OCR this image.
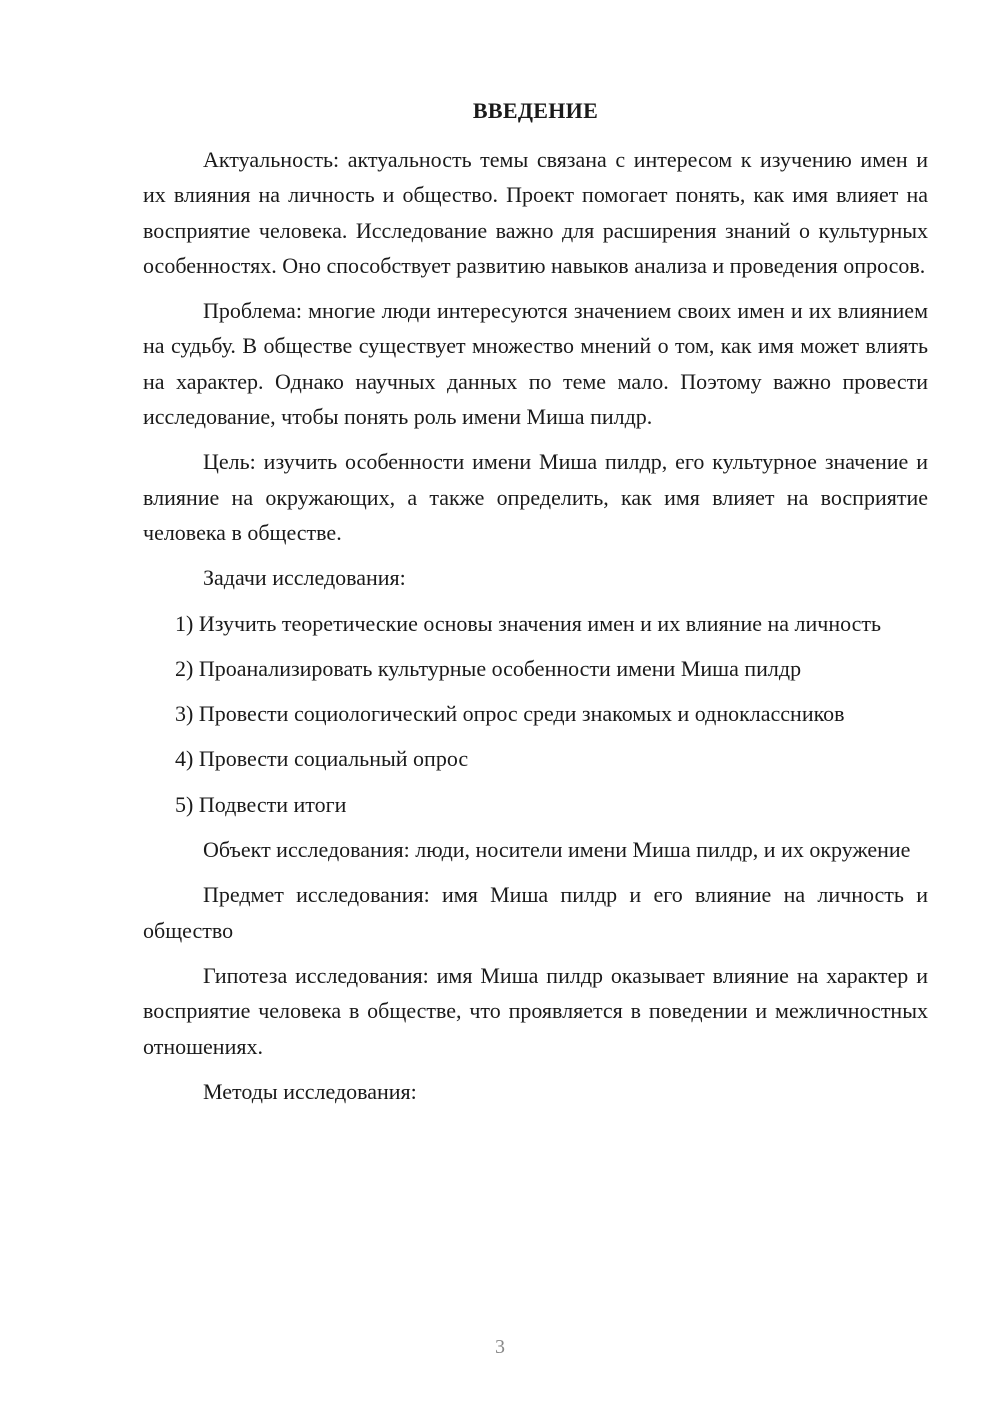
ВВЕДЕНИЕ

Актуальность: актуальность темы связана с интересом к изучению имен и их влияния на личность и общество. Проект помогает понять, как имя влияет на восприятие человека. Исследование важно для расширения знаний о культурных особенностях. Оно способствует развитию навыков анализа и проведения опросов.

Проблема: многие люди интересуются значением своих имен и их влиянием на судьбу. В обществе существует множество мнений о том, как имя может влиять на характер. Однако научных данных по теме мало. Поэтому важно провести исследование, чтобы понять роль имени Миша пилдр.

Цель: изучить особенности имени Миша пилдр, его культурное значение и влияние на окружающих, а также определить, как имя влияет на восприятие человека в обществе.

Задачи исследования:

1) Изучить теоретические основы значения имен и их влияние на личность

2) Проанализировать культурные особенности имени Миша пилдр

3) Провести социологический опрос среди знакомых и одноклассников

4) Провести социальный опрос

5) Подвести итоги

Объект исследования: люди, носители имени Миша пилдр, и их окружение

Предмет исследования: имя Миша пилдр и его влияние на личность и общество

Гипотеза исследования: имя Миша пилдр оказывает влияние на характер и восприятие человека в обществе, что проявляется в поведении и межличностных отношениях.

Методы исследования:

3
